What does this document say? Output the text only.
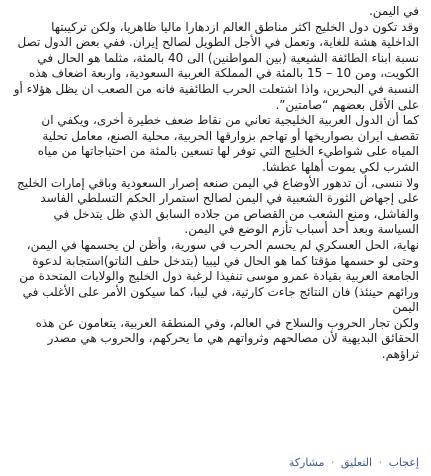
في اليمن.

وقد تكون دول الخليج اكثر مناطق العالم ازدهارا ماليا ظاهريا، ولكن تركيبتها الداخلية هشة للغاية، وتعمل في الأجل الطويل لصالح إيران. ففي بعض الدول تصل نسبة ابناء الطائفة الشيعية (بين المواطنين) الى 40 بالمئة، مثلما هو الحال في الكويت، ومن 10 – 15 بالمئة في المملكة العربية السعودية، واربعة اضعاف هذه النسبة في البحرين، واذا اشتعلت الحرب الطائفية فانه من الصعب ان يظل هؤلاء أو على الأقل بعضهم “صامتين”.

كما أن الدول العربية الخليجية تعاني من نقاط ضعف خطيرة أخرى، ويكفي ان تقصف ايران بصواريخها أو تهاجم بزوارقها الحربية، محلية الصنع، معامل تحلية المياه على شواطيء الخليج التي توفر لها تسعين بالمئة من احتياجاتها من مياه الشرب لكي يموت أهلها عطشا.

ولا ننسى، أن تدهور الأوضاع في اليمن صنعه إصرار السعودية وباقي إمارات الخليج على إجهاض الثورة الشعبية في اليمن لصالح استمرار الحكم التسلطي الفاسد والفاشل، ومنع الشعب من القصاص من جلاده السابق الذي ظل يتدخل في السياسة وبعد أحد أسباب تأزم الوضع في اليمن.

نهاية، الحل العسكري لم يحسم الحرب في سورية، وأظن لن يحسمها في اليمن، وحتى لو حسمها مؤقتا كما هو الحال في ليبيا (بتدخل حلف الناتو)استجابة لدعوة الجامعة العربية بقيادة عمرو موسى تنفيذا لرغبة دول الخليج والولايات المتحدة من ورائهم حينئذ) فان النتائج جاءت كارثية، في ليبا، كما سيكون الأمر على الأغلب في اليمن

ولكن تجار الحروب والسلاح في العالم، وفي المنطقة العربية، يتعامون عن هذه الحقائق البديهية لأن مصالحهم وثرواتهم هي ما يحركهم، والحروب هي مصدر ثراؤهم.

إعجاب · التعليق · مشاركة
